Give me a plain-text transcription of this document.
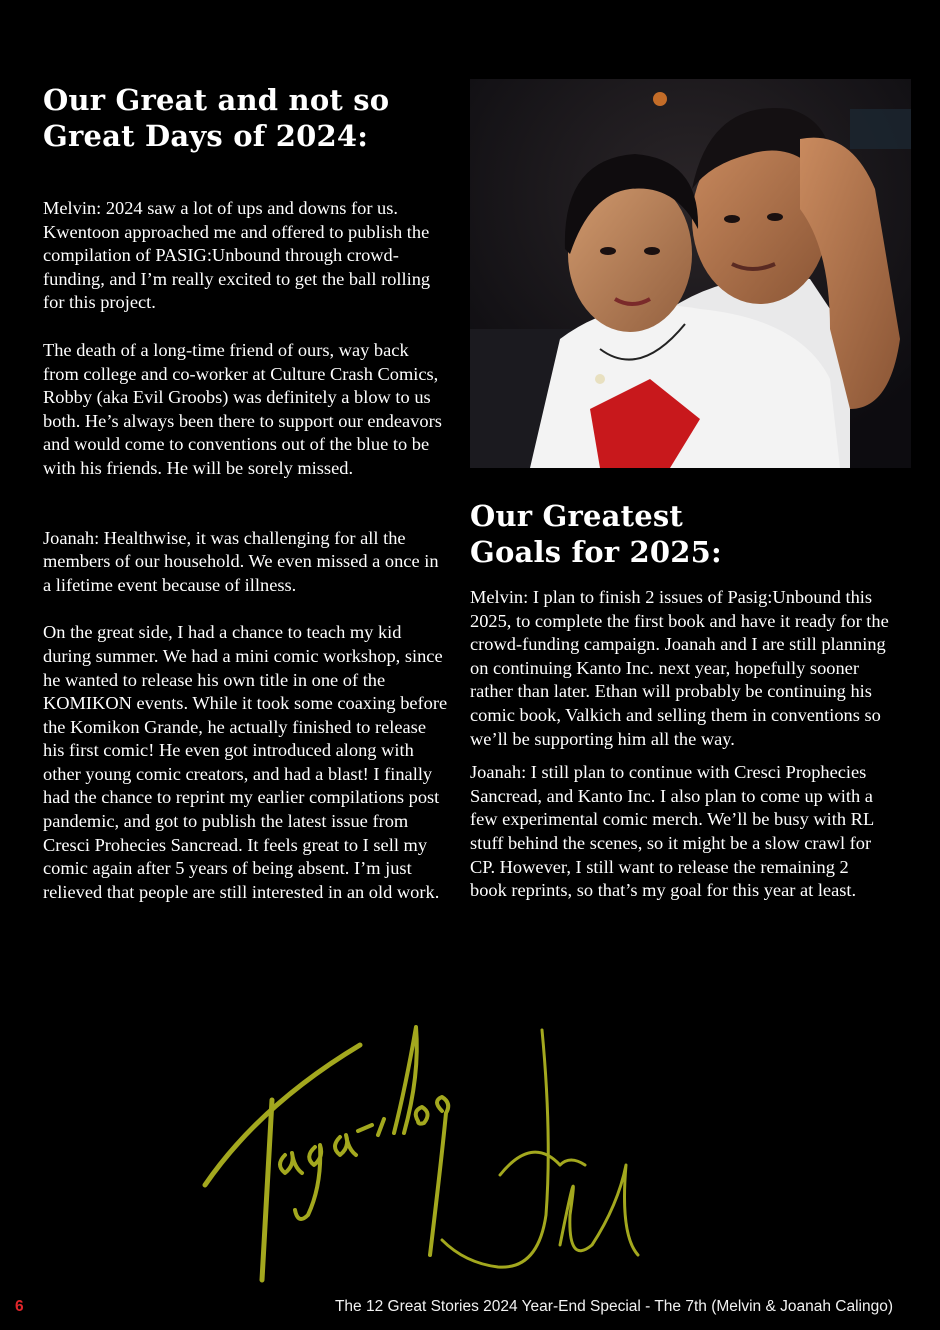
Our Great and not so Great Days of 2024:

Melvin: 2024 saw a lot of ups and downs for us. Kwentoon approached me and offered to publish the compilation of PASIG:Unbound through crowd-funding, and I’m really excited to get the ball rolling for this project.

The death of a long-time friend of ours, way back from college and co-worker at Culture Crash Comics, Robby (aka Evil Groobs) was definitely a blow to us both. He’s always been there to support our endeavors and would come to conventions out of the blue to be with his friends. He will be sorely missed.

Joanah: Healthwise, it was challenging for all the members of our household. We even missed a once in a lifetime event because of illness.

On the great side, I had a chance to teach my kid during summer. We had a mini comic workshop, since he wanted to release his own title in one of the KOMIKON events. While it took some coaxing before the Komikon Grande, he actually finished to release his first comic! He even got introduced along with other young comic creators, and had a blast! I finally had the chance to reprint my earlier compilations post pandemic, and got to publish the latest issue from Cresci Prohecies Sancread. It feels great to I sell my comic again after 5 years of being absent. I’m just relieved that people are still interested in an old work.

Our Greatest
Goals for 2025:

Melvin: I plan to finish 2 issues of Pasig:Unbound this 2025, to complete the first book and have it ready for the crowd-funding campaign. Joanah and I are still planning on continuing Kanto Inc. next year, hopefully sooner rather than later. Ethan will probably be continuing his comic book, Valkich and selling them in conventions so we’ll be supporting him all the way.

Joanah: I still plan to continue with Cresci Prophecies Sancread, and Kanto Inc. I also plan to come up with a few experimental comic merch. We’ll be busy with RL stuff behind the scenes, so it might be a slow crawl for CP. However, I still want to release the remaining 2 book reprints, so that’s my goal for this year at least.

6	The 12 Great Stories 2024 Year-End Special - The 7th (Melvin & Joanah Calingo)
